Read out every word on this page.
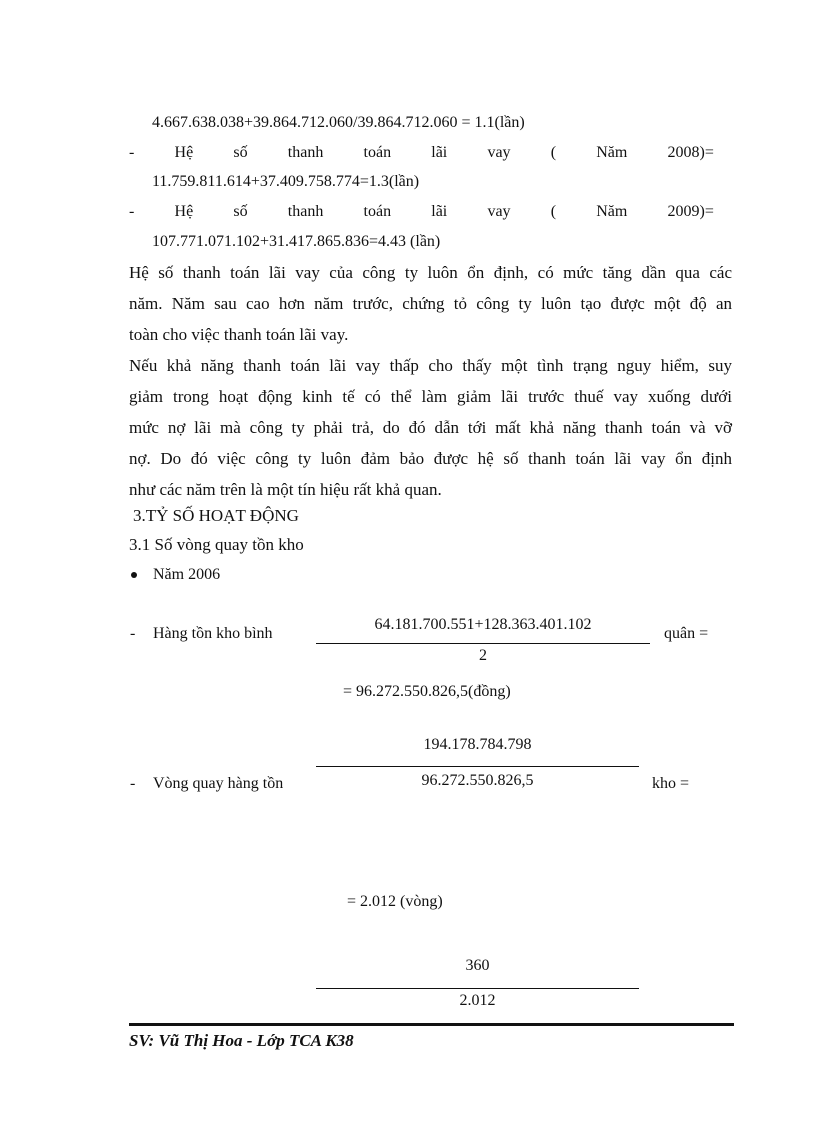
4.667.638.038+39.864.712.060/39.864.712.060 = 1.1(lần)
-	Hệ	số	thanh	toán	lãi	vay	(	Năm	2008)=
11.759.811.614+37.409.758.774=1.3(lần)
-	Hệ	số	thanh	toán	lãi	vay	(	Năm	2009)=
107.771.071.102+31.417.865.836=4.43 (lần)
Hệ số thanh toán lãi vay của công ty luôn ổn định, có mức tăng dần qua các
năm. Năm sau cao hơn năm trước, chứng tỏ công ty luôn tạo được một độ an
toàn cho việc thanh toán lãi vay.
Nếu khả năng thanh toán lãi vay thấp cho thấy một tình trạng nguy hiểm, suy
giảm trong hoạt động kinh tế có thể làm giảm lãi trước thuế vay xuống dưới
mức nợ lãi mà công ty phải trả, do đó dẫn tới mất khả năng thanh toán và vỡ
nợ. Do đó việc công ty luôn đảm bảo được hệ số thanh toán lãi vay ổn định
như các năm trên là một tín hiệu rất khả quan.
3.TỶ SỐ HOẠT ĐỘNG
3.1 Số vòng quay tồn kho
Năm 2006
- Hàng tồn kho bình
64.181.700.551+128.363.401.102
2
quân =
= 96.272.550.826,5(đồng)
194.178.784.798
- Vòng quay hàng tồn	96.272.550.826,5	kho =
= 2.012 (vòng)
360
2.012
SV: Vũ Thị Hoa - Lớp TCA K38
